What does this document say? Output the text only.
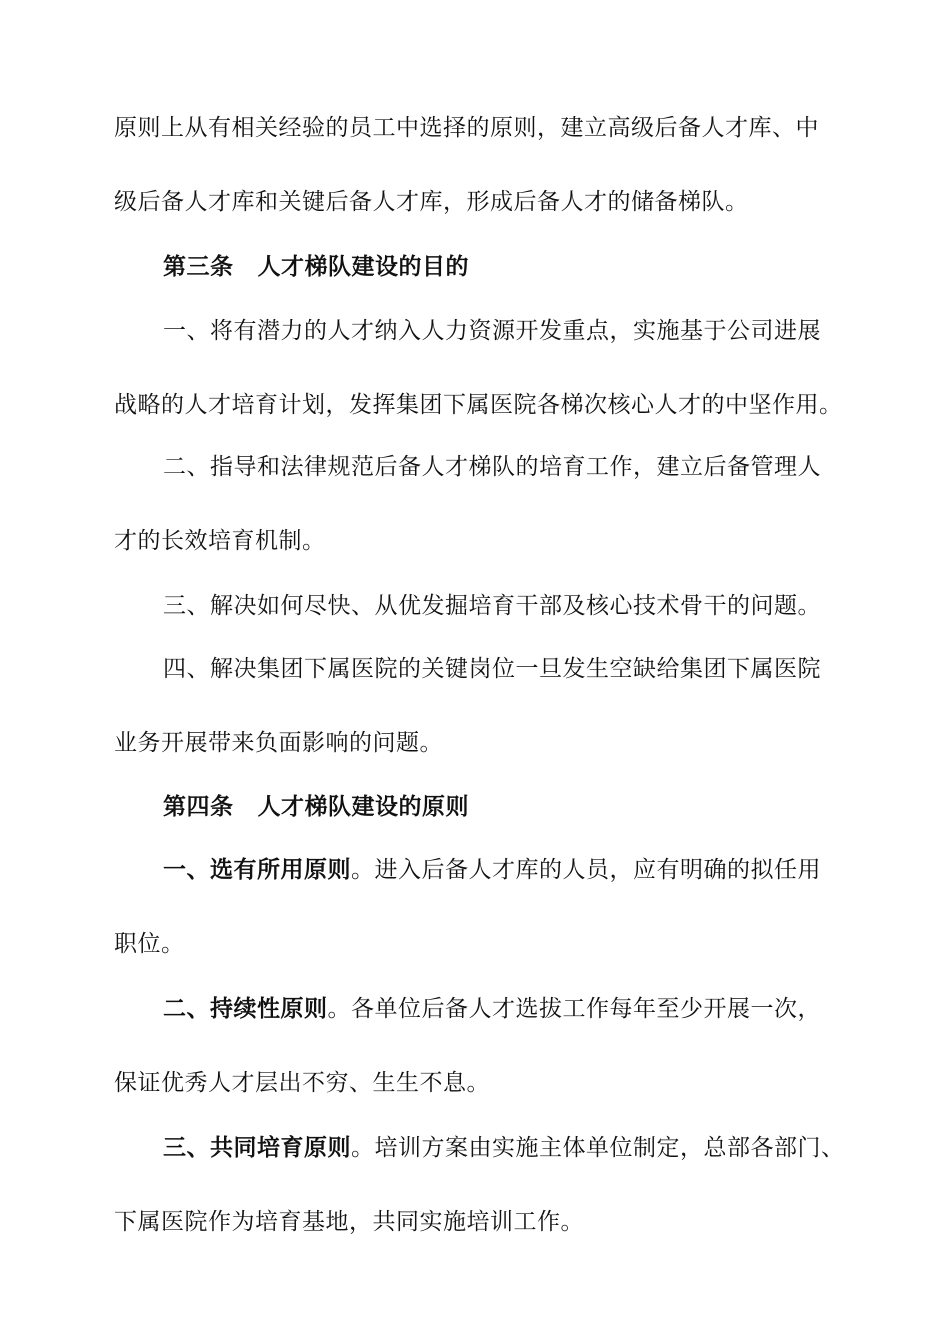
原则上从有相关经验的员工中选择的原则，建立高级后备人才库、中
级后备人才库和关键后备人才库，形成后备人才的储备梯队。
第三条 人才梯队建设的目的
一、将有潜力的人才纳入人力资源开发重点，实施基于公司进展
战略的人才培育计划，发挥集团下属医院各梯次核心人才的中坚作用。
二、指导和法律规范后备人才梯队的培育工作，建立后备管理人
才的长效培育机制。
三、解决如何尽快、从优发掘培育干部及核心技术骨干的问题。
四、解决集团下属医院的关键岗位一旦发生空缺给集团下属医院
业务开展带来负面影响的问题。
第四条 人才梯队建设的原则
一、选有所用原则。进入后备人才库的人员，应有明确的拟任用
职位。
二、持续性原则。各单位后备人才选拔工作每年至少开展一次，
保证优秀人才层出不穷、生生不息。
三、共同培育原则。培训方案由实施主体单位制定，总部各部门、
下属医院作为培育基地，共同实施培训工作。
